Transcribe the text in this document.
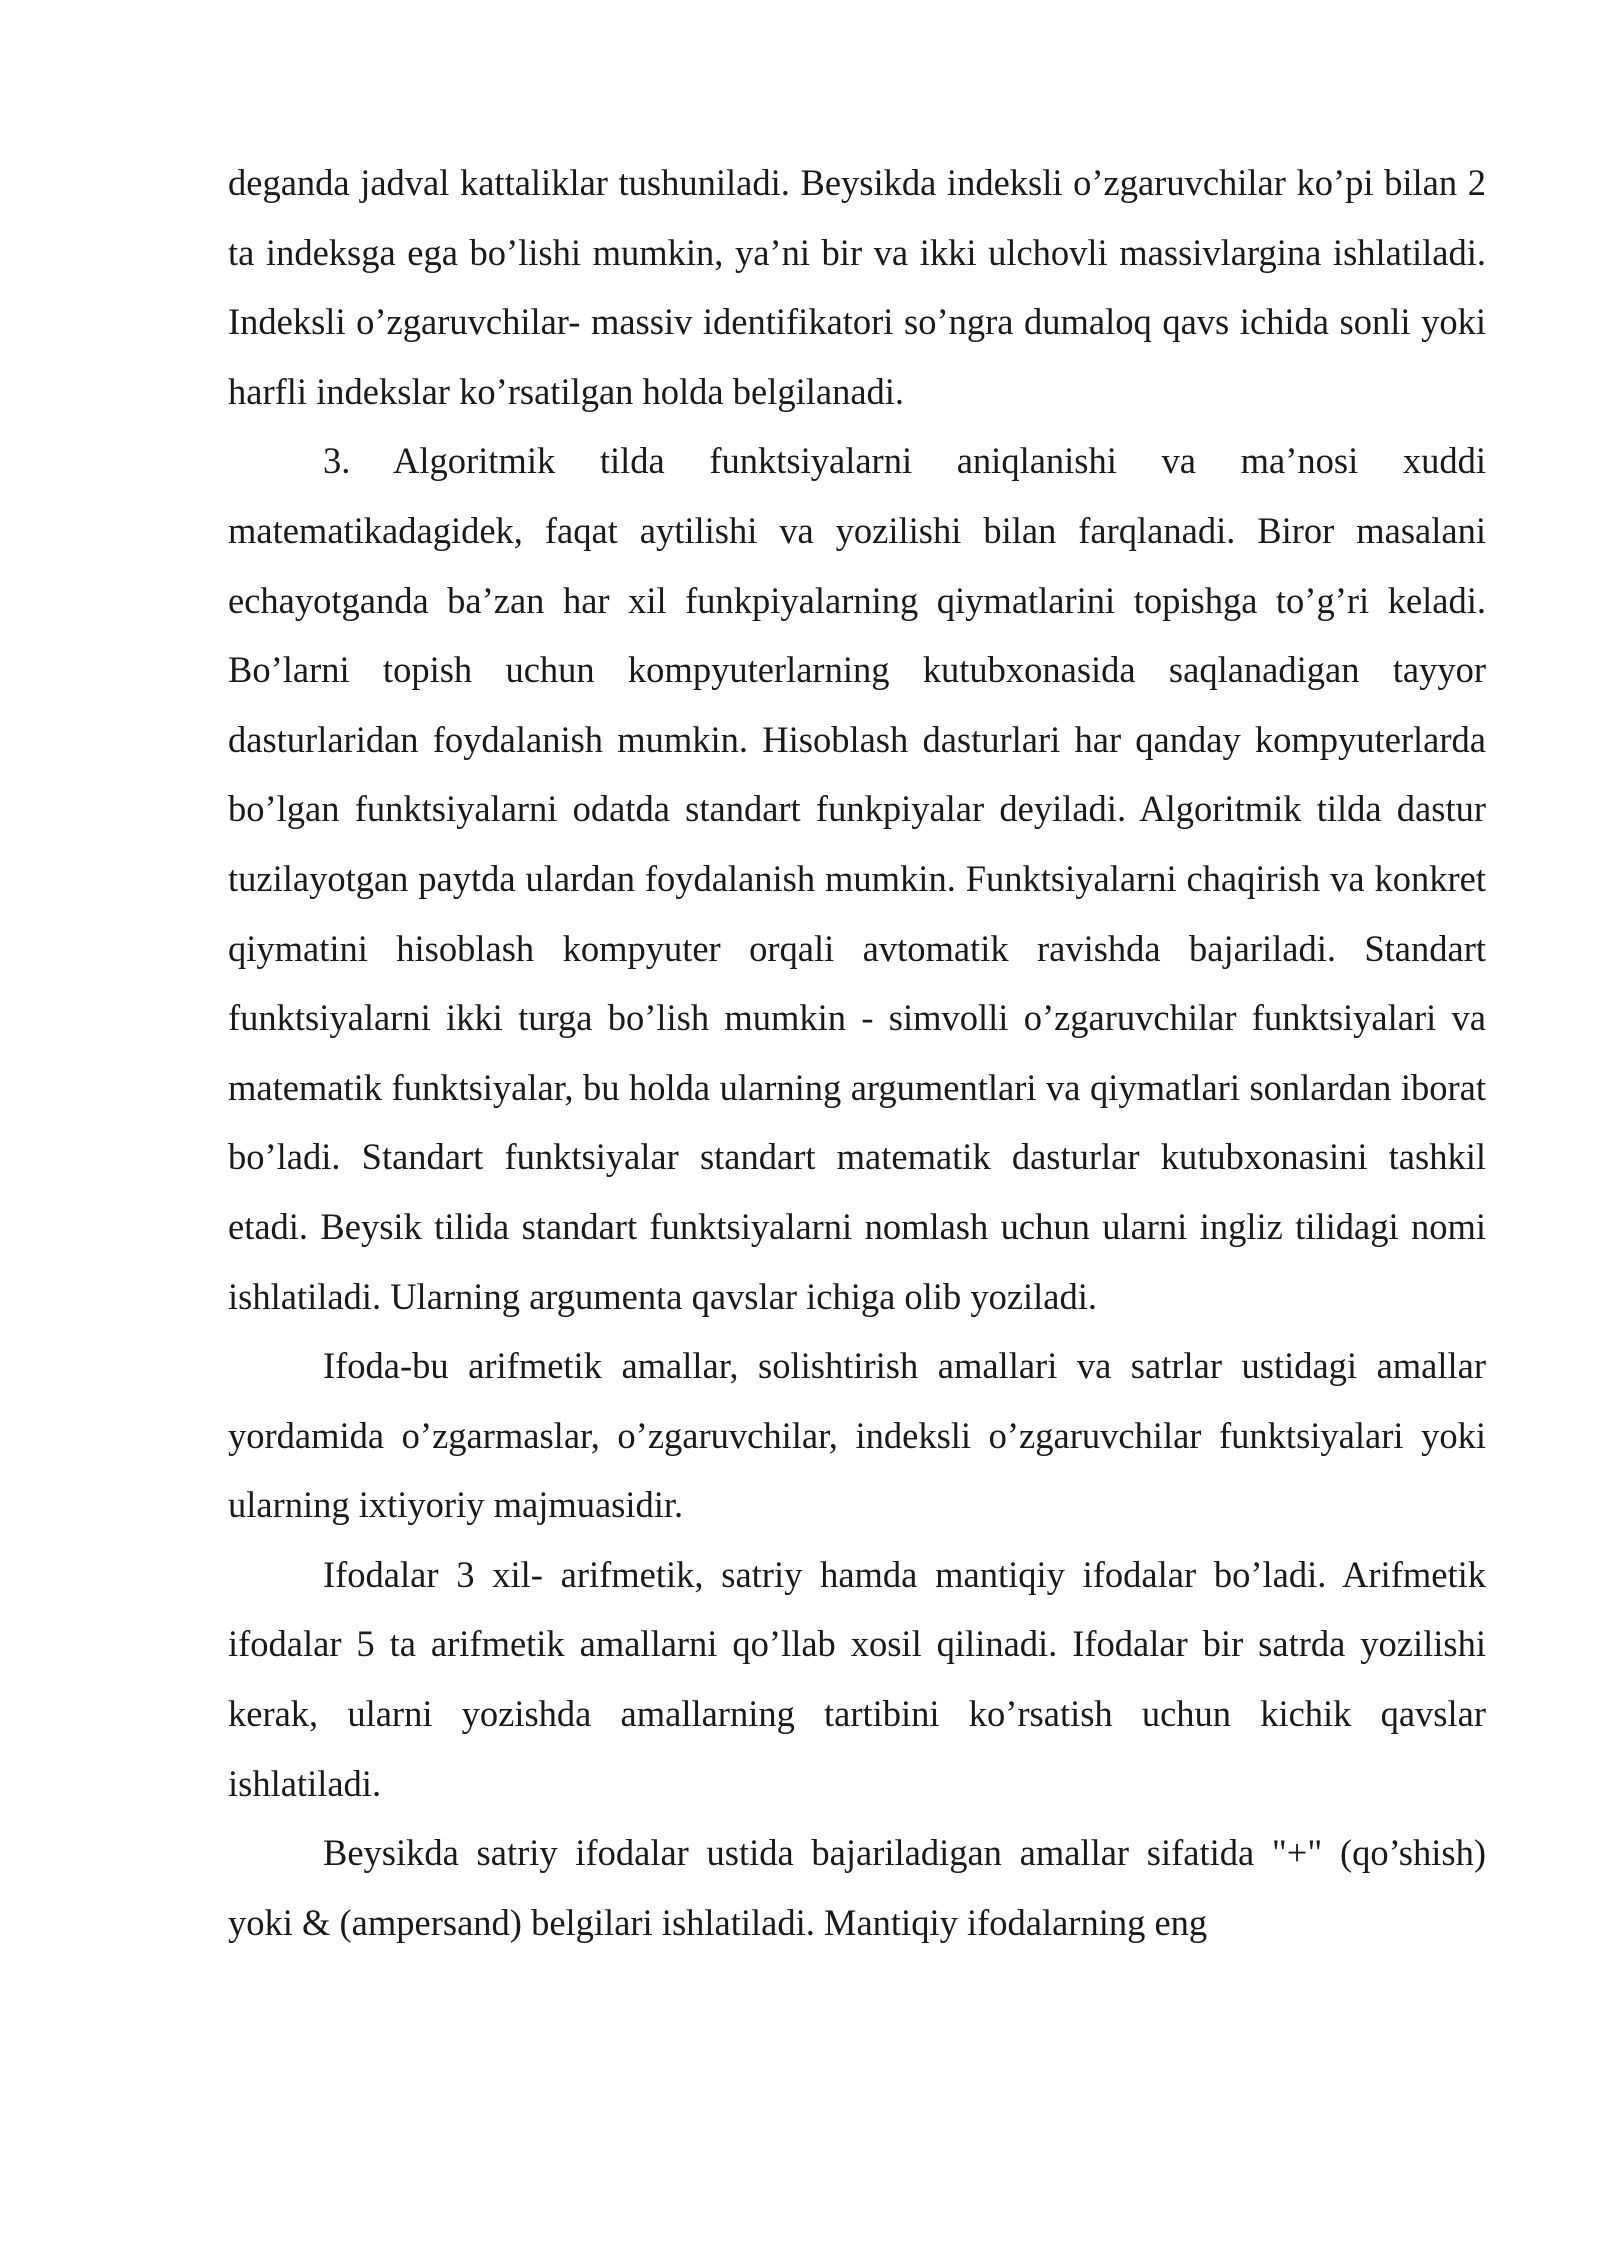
deganda jadval kattaliklar tushuniladi. Beysikda indeksli o’zgaruvchilar ko’pi bilan 2 ta indeksga ega bo’lishi mumkin, ya’ni bir va ikki ulchovli massivlargina ishlatiladi. Indeksli o’zgaruvchilar- massiv identifikatori so’ngra dumaloq qavs ichida sonli yoki harfli indekslar ko’rsatilgan holda belgilanadi.

3. Algoritmik tilda funktsiyalarni aniqlanishi va ma’nosi xuddi matematikadagidek, faqat aytilishi va yozilishi bilan farqlanadi. Biror masalani echayotganda ba’zan har xil funkpiyalarning qiymatlarini topishga to’g’ri keladi. Bo’larni topish uchun kompyuterlarning kutubxonasida saqlanadigan tayyor dasturlaridan foydalanish mumkin. Hisoblash dasturlari har qanday kompyuterlarda bo’lgan funktsiyalarni odatda standart funkpiyalar deyiladi. Algoritmik tilda dastur tuzilayotgan paytda ulardan foydalanish mumkin. Funktsiyalarni chaqirish va konkret qiymatini hisoblash kompyuter orqali avtomatik ravishda bajariladi. Standart funktsiyalarni ikki turga bo’lish mumkin - simvolli o’zgaruvchilar funktsiyalari va matematik funktsiyalar, bu holda ularning argumentlari va qiymatlari sonlardan iborat bo’ladi. Standart funktsiyalar standart matematik dasturlar kutubxonasini tashkil etadi. Beysik tilida standart funktsiyalarni nomlash uchun ularni ingliz tilidagi nomi ishlatiladi. Ularning argumenta qavslar ichiga olib yoziladi.

Ifoda-bu arifmetik amallar, solishtirish amallari va satrlar ustidagi amallar yordamida o’zgarmaslar, o’zgaruvchilar, indeksli o’zgaruvchilar funktsiyalari yoki ularning ixtiyoriy majmuasidir.

Ifodalar 3 xil- arifmetik, satriy hamda mantiqiy ifodalar bo’ladi. Arifmetik ifodalar 5 ta arifmetik amallarni qo’llab xosil qilinadi. Ifodalar bir satrda yozilishi kerak, ularni yozishda amallarning tartibini ko’rsatish uchun kichik qavslar ishlatiladi.

Beysikda satriy ifodalar ustida bajariladigan amallar sifatida "+" (qo’shish) yoki & (ampersand) belgilari ishlatiladi. Mantiqiy ifodalarning eng
